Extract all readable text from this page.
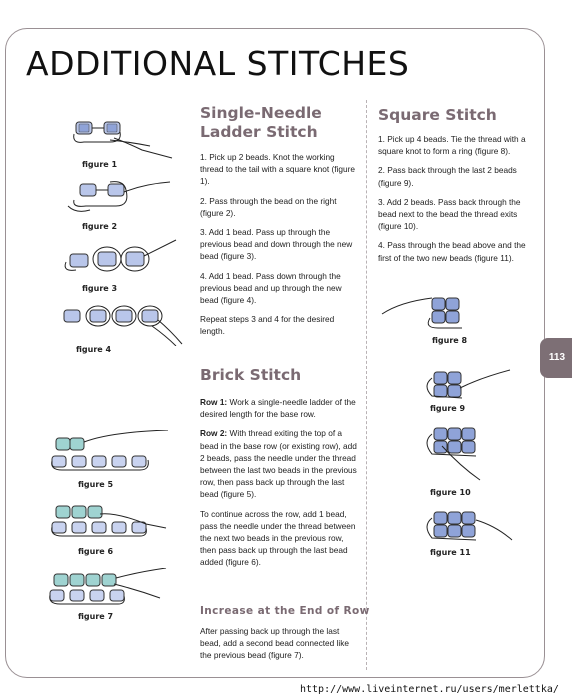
ADDITIONAL STITCHES
113
figure 1
figure 2
figure 3
figure 4
figure 5
figure 6
figure 7
Single-Needle
Ladder Stitch

1. Pick up 2 beads. Knot the working thread to the tail with a square knot (figure 1).

2. Pass through the bead on the right (figure 2).

3. Add 1 bead. Pass up through the previous bead and down through the new bead (figure 3).

4. Add 1 bead. Pass down through the previous bead and up through the new bead (figure 4).

Repeat steps 3 and 4 for the desired length.

Brick Stitch

Row 1: Work a single-needle ladder of the desired length for the base row.

Row 2: With thread exiting the top of a bead in the base row (or existing row), add 2 beads, pass the needle under the thread between the last two beads in the previous row, then pass back up through the last bead (figure 5).

To continue across the row, add 1 bead, pass the needle under the thread between the next two beads in the previous row, then pass back up through the last bead added (figure 6).

Increase at the End of Row

After passing back up through the last bead, add a second bead connected like the previous bead (figure 7).

Square Stitch

1. Pick up 4 beads. Tie the thread with a square knot to form a ring (figure 8).

2. Pass back through the last 2 beads (figure 9).

3. Add 2 beads. Pass back through the bead next to the bead the thread exits (figure 10).

4. Pass through the bead above and the first of the two new beads (figure 11).

figure 8
figure 9
figure 10
figure 11
http://www.liveinternet.ru/users/merlettka/
